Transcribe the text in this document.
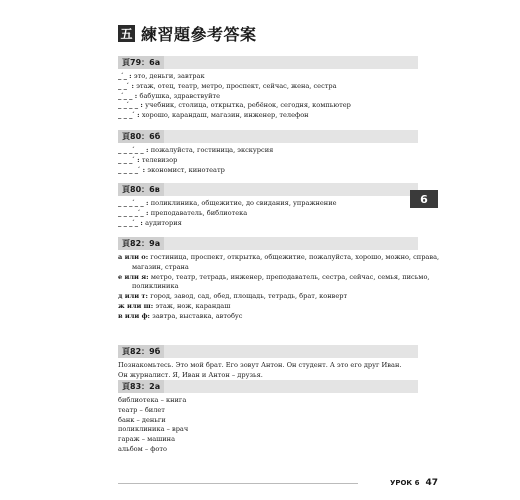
五 練習題參考答案
頁79：6a
_ ́_ : это, деньги, завтрак
_ _ ́ : этаж, отец, театр, метро, проспект, сейчас, жена, сестра
_ ́_ _ : бабушка, здравствуйте
_ _ ́_ _ : учебник, столица, открытка, ребёнок, сегодня, компьютер
_ _ _ ́ : хорошо, карандаш, магазин, инженер, телефон
頁80：6б
_ _ _ ́_ _ : пожалуйста, гостиница, экскурсия
_ _ _ ́ : телевизор
_ _ _ _ ́ : экономист, кинотеатр
頁80：6в
_ _ _ ́_ _ : поликлиника, общежитие, до свидания, упражнение
_ _ _ _ ́_ : преподаватель, библиотека
_ _ _ ́_ : аудитория
頁82：9a
a или o: гостиница, проспект, открытка, общежитие, пожалуйста, хорошо, можно, справа,
магазин, страна
e или я: метро, театр, тетрадь, инженер, преподаватель, сестра, сейчас, семья, письмо,
поликлиника
д или т: город, завод, сад, обед, площадь, тетрадь, брат, конверт
ж или ш: этаж, нож, карандаш
в или ф: завтра, выставка, автобус
頁82：9б
Познакомьтесь. Это мой брат. Его зовут Антон. Он студент. А это его друг Иван.
Он журналист. Я, Иван и Антон – друзья.
頁83：2a
библиотека – книга
театр – билет
банк – деньги
поликлиника – врач
гараж – машина
альбом – фото
6
УРОК 6 47
